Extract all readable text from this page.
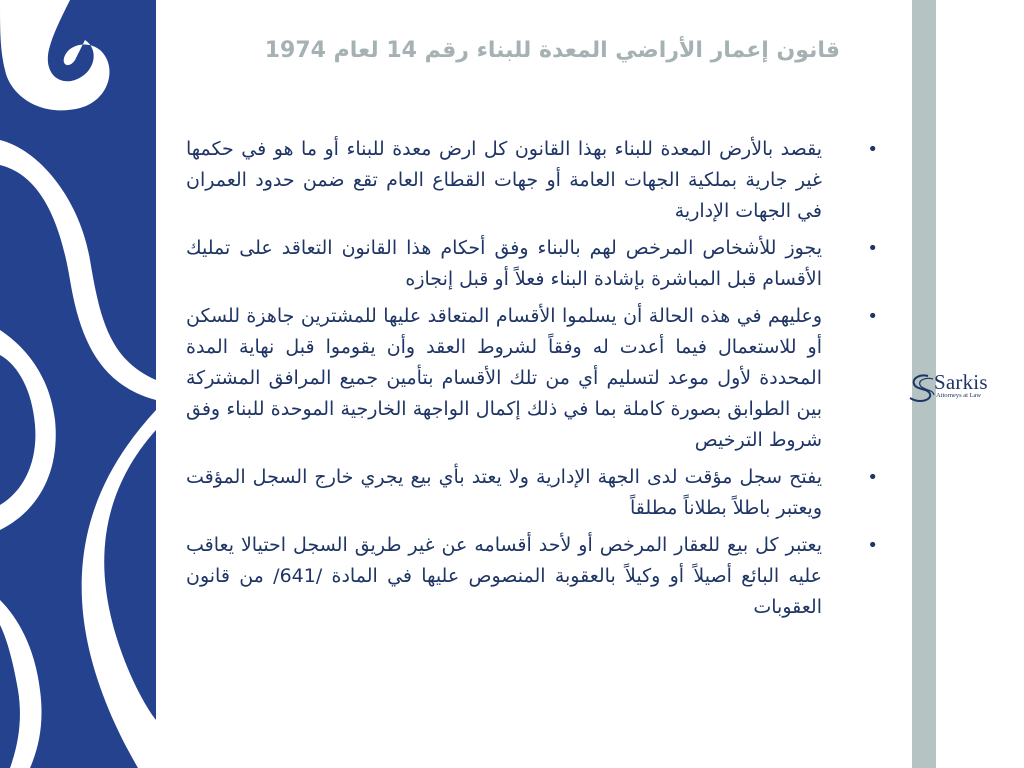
قانون إعمار الأراضي المعدة للبناء رقم 14 لعام 1974
•
يقصد بالأرض المعدة للبناء بهذا القانون كل ارض معدة للبناء أو ما هو في حكمها غير جارية بملكية الجهات العامة أو جهات القطاع العام تقع ضمن حدود العمران في الجهات الإدارية
•
يجوز للأشخاص المرخص لهم بالبناء وفق أحكام هذا القانون التعاقد على تمليك الأقسام قبل المباشرة بإشادة البناء فعلاً أو قبل إنجازه
•
وعليهم في هذه الحالة أن يسلموا الأقسام المتعاقد عليها للمشترين جاهزة للسكن أو للاستعمال فيما أعدت له وفقاً لشروط العقد وأن يقوموا قبل نهاية المدة المحددة لأول موعد لتسليم أي من تلك الأقسام بتأمين جميع المرافق المشتركة بين الطوابق بصورة كاملة بما في ذلك إكمال الواجهة الخارجية الموحدة للبناء وفق شروط الترخيص
•
يفتح سجل مؤقت لدى الجهة الإدارية ولا يعتد بأي بيع يجري خارج السجل المؤقت ويعتبر باطلاً بطلاناً مطلقاً
•
يعتبر كل بيع للعقار المرخص أو لأحد أقسامه عن غير طريق السجل احتيالا يعاقب عليه البائع أصيلاً أو وكيلاً بالعقوبة المنصوص عليها في المادة /641/ من قانون العقوبات
Sarkis
Attorneys at Law
